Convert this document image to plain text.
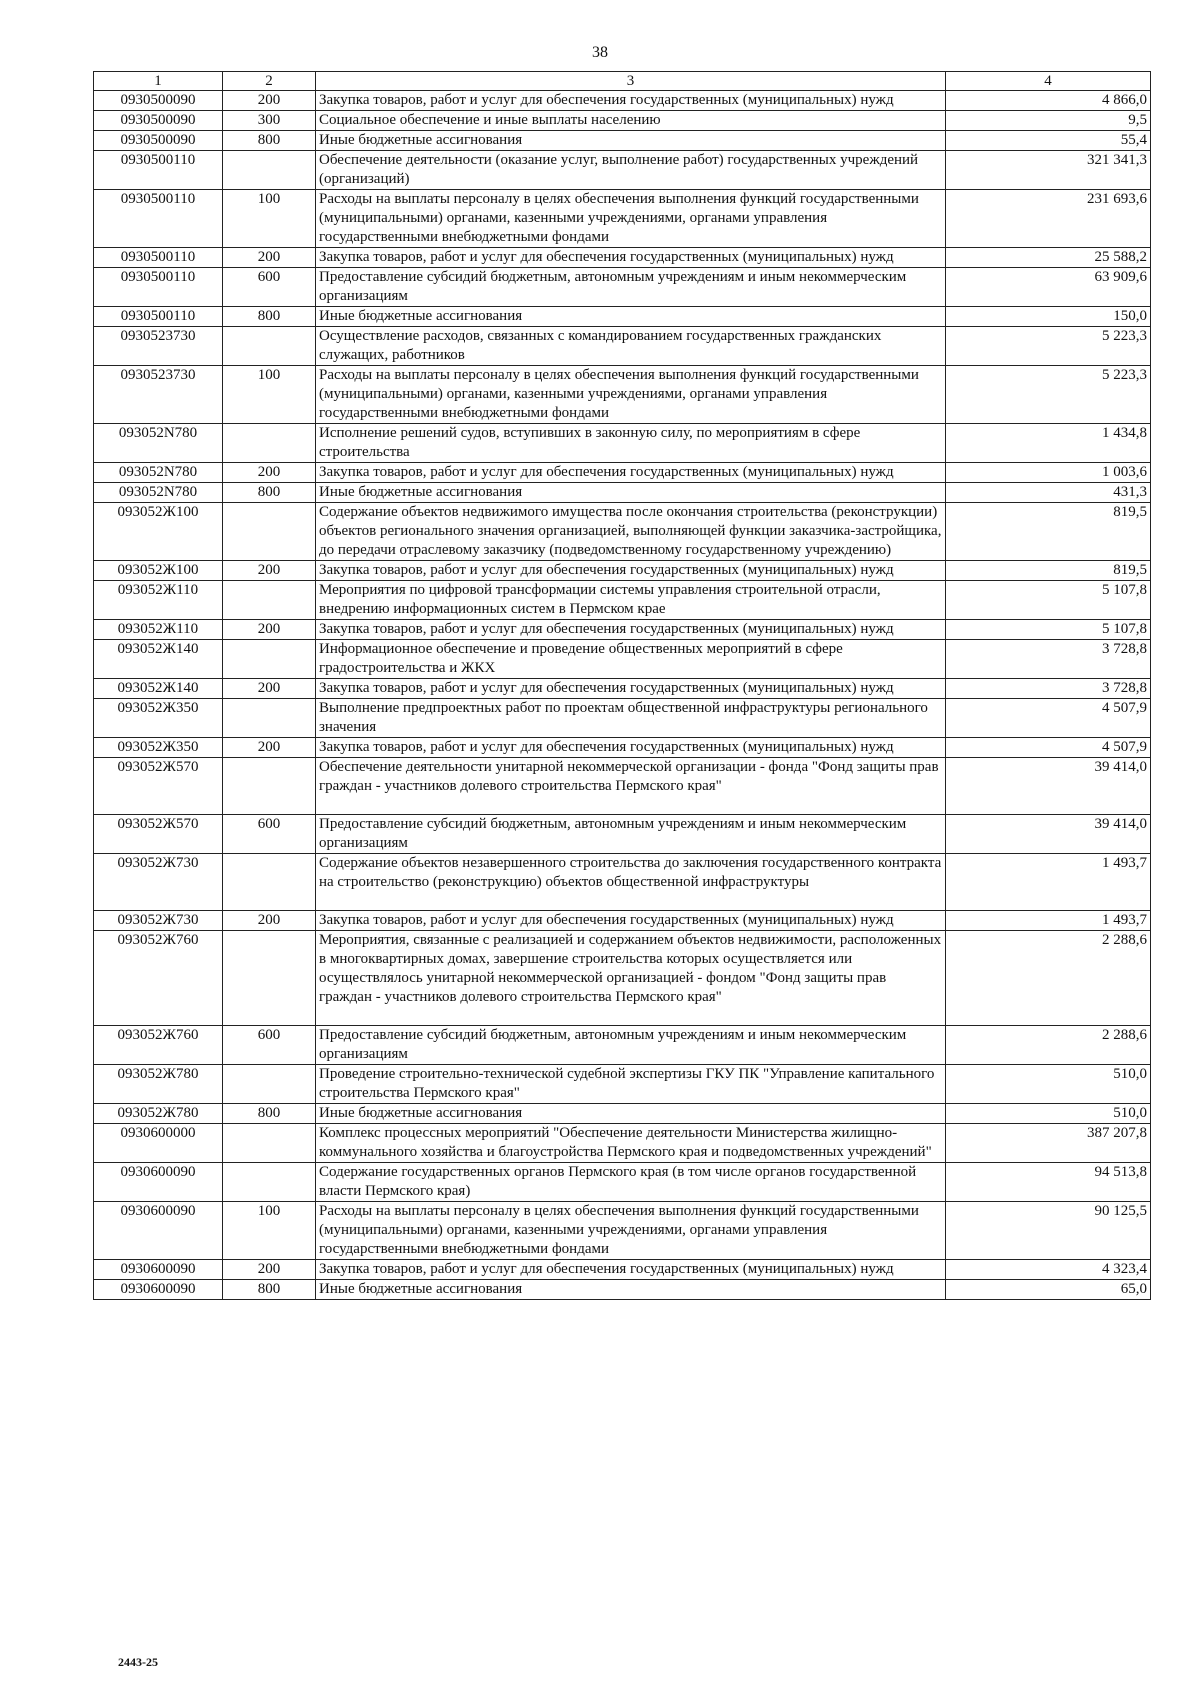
38
1	2	3	4
0930500090	200	Закупка товаров, работ и услуг для обеспечения государственных (муниципальных) нужд	4 866,0
0930500090	300	Социальное обеспечение и иные выплаты населению	9,5
0930500090	800	Иные бюджетные ассигнования	55,4
0930500110		Обеспечение деятельности (оказание услуг, выполнение работ) государственных учреждений (организаций)	321 341,3
0930500110	100	Расходы на выплаты персоналу в целях обеспечения выполнения функций государственными (муниципальными) органами, казенными учреждениями, органами управления государственными внебюджетными фондами	231 693,6
0930500110	200	Закупка товаров, работ и услуг для обеспечения государственных (муниципальных) нужд	25 588,2
0930500110	600	Предоставление субсидий бюджетным, автономным учреждениям и иным некоммерческим организациям	63 909,6
0930500110	800	Иные бюджетные ассигнования	150,0
0930523730		Осуществление расходов, связанных с командированием государственных гражданских служащих, работников	5 223,3
0930523730	100	Расходы на выплаты персоналу в целях обеспечения выполнения функций государственными (муниципальными) органами, казенными учреждениями, органами управления государственными внебюджетными фондами	5 223,3
093052N780		Исполнение решений судов, вступивших в законную силу, по мероприятиям в сфере строительства	1 434,8
093052N780	200	Закупка товаров, работ и услуг для обеспечения государственных (муниципальных) нужд	1 003,6
093052N780	800	Иные бюджетные ассигнования	431,3
093052Ж100		Содержание объектов недвижимого имущества после окончания строительства (реконструкции) объектов регионального значения организацией, выполняющей функции заказчика-застройщика, до передачи отраслевому заказчику (подведомственному государственному учреждению)	819,5
093052Ж100	200	Закупка товаров, работ и услуг для обеспечения государственных (муниципальных) нужд	819,5
093052Ж110		Мероприятия по цифровой трансформации системы управления строительной отрасли, внедрению информационных систем в Пермском крае	5 107,8
093052Ж110	200	Закупка товаров, работ и услуг для обеспечения государственных (муниципальных) нужд	5 107,8
093052Ж140		Информационное обеспечение и проведение общественных мероприятий в сфере градостроительства и ЖКХ	3 728,8
093052Ж140	200	Закупка товаров, работ и услуг для обеспечения государственных (муниципальных) нужд	3 728,8
093052Ж350		Выполнение предпроектных работ по проектам общественной инфраструктуры регионального значения	4 507,9
093052Ж350	200	Закупка товаров, работ и услуг для обеспечения государственных (муниципальных) нужд	4 507,9
093052Ж570		Обеспечение деятельности унитарной некоммерческой организации - фонда "Фонд защиты прав граждан - участников долевого строительства Пермского края"	39 414,0
093052Ж570	600	Предоставление субсидий бюджетным, автономным учреждениям и иным некоммерческим организациям	39 414,0
093052Ж730		Содержание объектов незавершенного строительства до заключения государственного контракта на строительство (реконструкцию) объектов общественной инфраструктуры	1 493,7
093052Ж730	200	Закупка товаров, работ и услуг для обеспечения государственных (муниципальных) нужд	1 493,7
093052Ж760		Мероприятия, связанные с реализацией и содержанием объектов недвижимости, расположенных в многоквартирных домах, завершение строительства которых осуществляется или осуществлялось унитарной некоммерческой организацией - фондом "Фонд защиты прав граждан - участников долевого строительства Пермского края"	2 288,6
093052Ж760	600	Предоставление субсидий бюджетным, автономным учреждениям и иным некоммерческим организациям	2 288,6
093052Ж780		Проведение строительно-технической судебной экспертизы ГКУ ПК "Управление капитального строительства Пермского края"	510,0
093052Ж780	800	Иные бюджетные ассигнования	510,0
0930600000		Комплекс процессных мероприятий "Обеспечение деятельности Министерства жилищно-коммунального хозяйства и благоустройства Пермского края и подведомственных учреждений"	387 207,8
0930600090		Содержание государственных органов Пермского края (в том числе органов государственной власти Пермского края)	94 513,8
0930600090	100	Расходы на выплаты персоналу в целях обеспечения выполнения функций государственными (муниципальными) органами, казенными учреждениями, органами управления государственными внебюджетными фондами	90 125,5
0930600090	200	Закупка товаров, работ и услуг для обеспечения государственных (муниципальных) нужд	4 323,4
0930600090	800	Иные бюджетные ассигнования	65,0
2443-25
